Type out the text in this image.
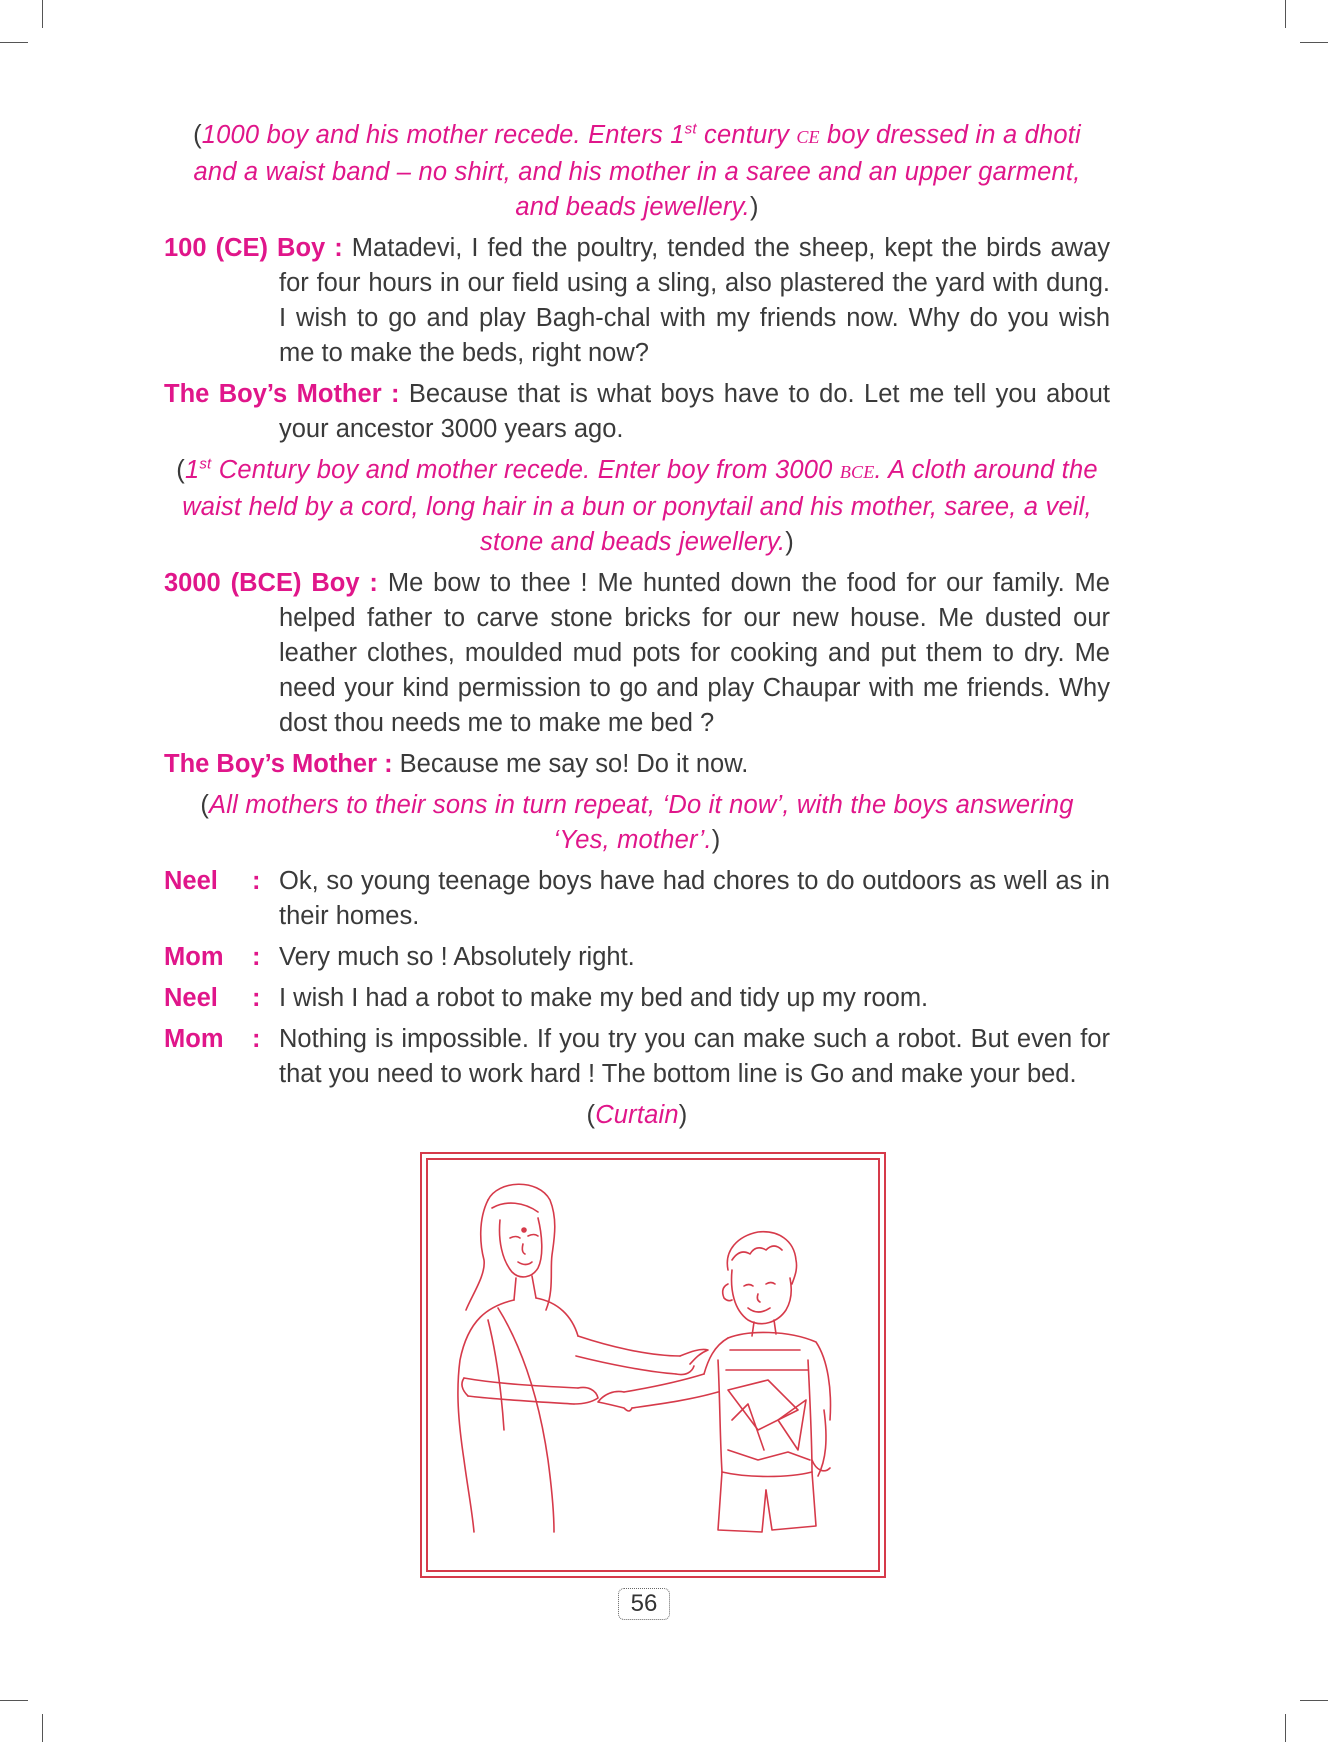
(1000 boy and his mother recede. Enters 1st century CE boy dressed in a dhoti and a waist band – no shirt, and his mother in a saree and an upper garment, and beads jewellery.)

100 (CE) Boy : Matadevi, I fed the poultry, tended the sheep, kept the birds away for four hours in our field using a sling, also plastered the yard with dung. I wish to go and play Bagh-chal with my friends now. Why do you wish me to make the beds, right now?

The Boy’s Mother : Because that is what boys have to do. Let me tell you about your ancestor 3000 years ago.

(1st Century boy and mother recede. Enter boy from 3000 BCE. A cloth around the waist held by a cord, long hair in a bun or ponytail and his mother, saree, a veil, stone and beads jewellery.)

3000 (BCE) Boy : Me bow to thee ! Me hunted down the food for our family. Me helped father to carve stone bricks for our new house. Me dusted our leather clothes, moulded mud pots for cooking and put them to dry. Me need your kind permission to go and play Chaupar with me friends. Why dost thou needs me to make me bed ?

The Boy’s Mother : Because me say so! Do it now.

(All mothers to their sons in turn repeat, ‘Do it now’, with the boys answering ‘Yes, mother’.)

Neel	: Ok, so young teenage boys have had chores to do outdoors as well as in their homes.
Mom	: Very much so ! Absolutely right.
Neel	: I wish I had a robot to make my bed and tidy up my room.
Mom	: Nothing is impossible. If you try you can make such a robot. But even for that you need to work hard ! The bottom line is Go and make your bed.

(Curtain)

56
